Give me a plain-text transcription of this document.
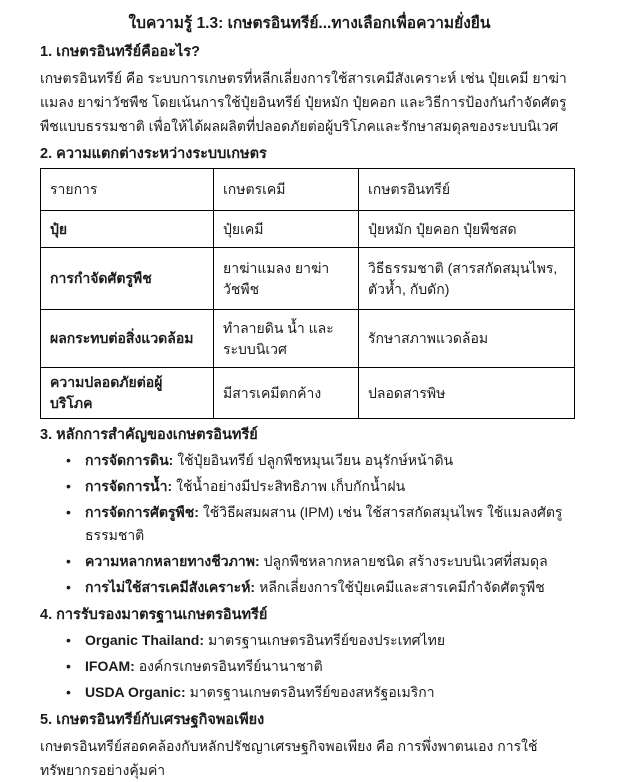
ใบความรู้ 1.3: เกษตรอินทรีย์...ทางเลือกเพื่อความยั่งยืน
1. เกษตรอินทรีย์คืออะไร?

เกษตรอินทรีย์ คือ ระบบการเกษตรที่หลีกเลี่ยงการใช้สารเคมีสังเคราะห์ เช่น ปุ๋ยเคมี ยาฆ่าแมลง ยาฆ่าวัชพืช โดยเน้นการใช้ปุ๋ยอินทรีย์ ปุ๋ยหมัก ปุ๋ยคอก และวิธีการป้องกันกำจัดศัตรูพืชแบบธรรมชาติ เพื่อให้ได้ผลผลิตที่ปลอดภัยต่อผู้บริโภคและรักษาสมดุลของระบบนิเวศ

2. ความแตกต่างระหว่างระบบเกษตร
รายการ	เกษตรเคมี	เกษตรอินทรีย์
ปุ๋ย	ปุ๋ยเคมี	ปุ๋ยหมัก ปุ๋ยคอก ปุ๋ยพืชสด
การกำจัดศัตรูพืช	ยาฆ่าแมลง ยาฆ่าวัชพืช	วิธีธรรมชาติ (สารสกัดสมุนไพร, ตัวห้ำ, กับดัก)
ผลกระทบต่อสิ่งแวดล้อม	ทำลายดิน น้ำ และระบบนิเวศ	รักษาสภาพแวดล้อม
ความปลอดภัยต่อผู้บริโภค	มีสารเคมีตกค้าง	ปลอดสารพิษ
3. หลักการสำคัญของเกษตรอินทรีย์
• การจัดการดิน: ใช้ปุ๋ยอินทรีย์ ปลูกพืชหมุนเวียน อนุรักษ์หน้าดิน
• การจัดการน้ำ: ใช้น้ำอย่างมีประสิทธิภาพ เก็บกักน้ำฝน
• การจัดการศัตรูพืช: ใช้วิธีผสมผสาน (IPM) เช่น ใช้สารสกัดสมุนไพร ใช้แมลงศัตรูธรรมชาติ
• ความหลากหลายทางชีวภาพ: ปลูกพืชหลากหลายชนิด สร้างระบบนิเวศที่สมดุล
• การไม่ใช้สารเคมีสังเคราะห์: หลีกเลี่ยงการใช้ปุ๋ยเคมีและสารเคมีกำจัดศัตรูพืช
4. การรับรองมาตรฐานเกษตรอินทรีย์
• Organic Thailand: มาตรฐานเกษตรอินทรีย์ของประเทศไทย
• IFOAM: องค์กรเกษตรอินทรีย์นานาชาติ
• USDA Organic: มาตรฐานเกษตรอินทรีย์ของสหรัฐอเมริกา
5. เกษตรอินทรีย์กับเศรษฐกิจพอเพียง

เกษตรอินทรีย์สอดคล้องกับหลักปรัชญาเศรษฐกิจพอเพียง คือ การพึ่งพาตนเอง การใช้ทรัพยากรอย่างคุ้มค่า
